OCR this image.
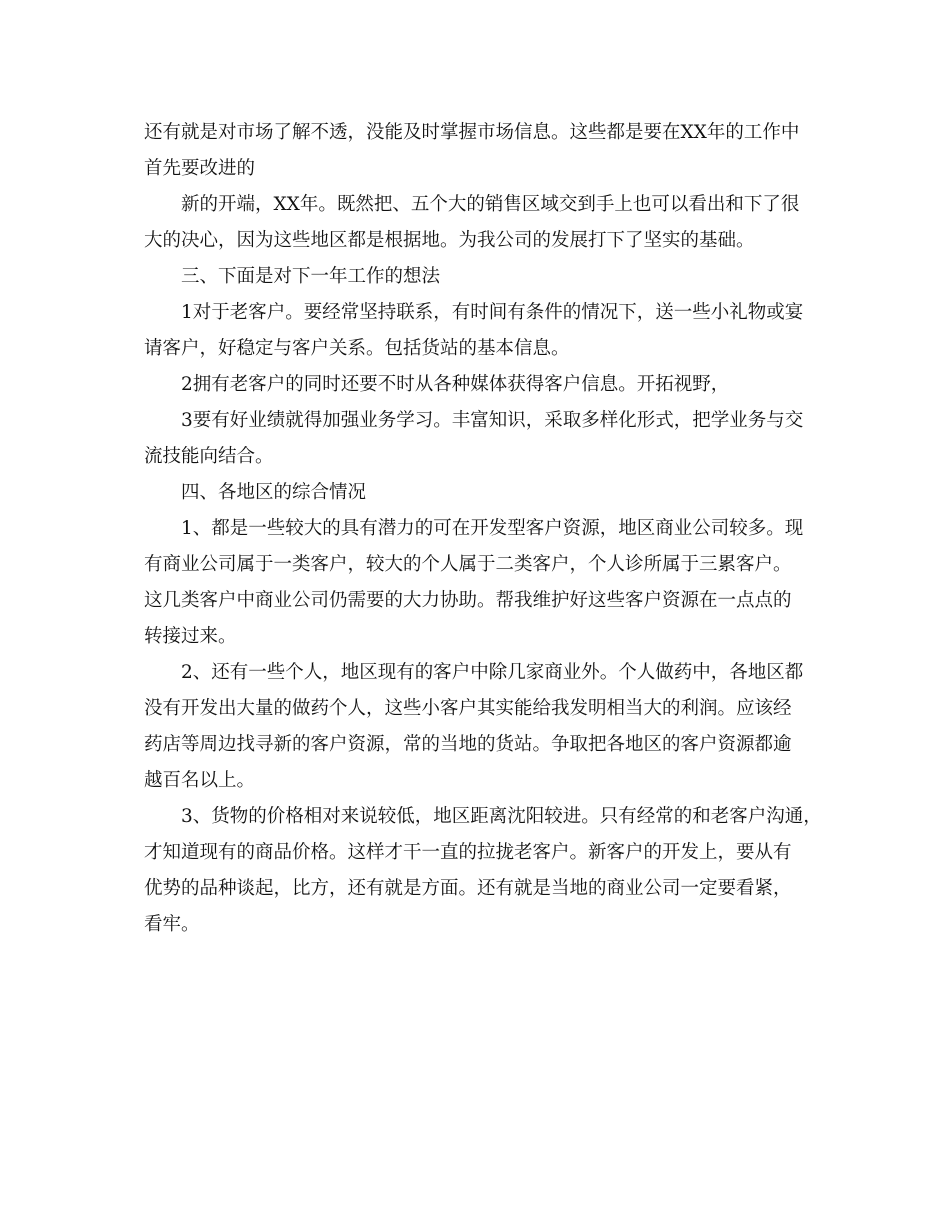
还有就是对市场了解不透，没能及时掌握市场信息。这些都是要在XX年的工作中
首先要改进的
新的开端，XX年。既然把、五个大的销售区域交到手上也可以看出和下了很
大的决心，因为这些地区都是根据地。为我公司的发展打下了坚实的基础。
三、下面是对下一年工作的想法
1对于老客户。要经常坚持联系，有时间有条件的情况下，送一些小礼物或宴
请客户，好稳定与客户关系。包括货站的基本信息。
2拥有老客户的同时还要不时从各种媒体获得客户信息。开拓视野，
3要有好业绩就得加强业务学习。丰富知识，采取多样化形式，把学业务与交
流技能向结合。
四、各地区的综合情况
1、都是一些较大的具有潜力的可在开发型客户资源，地区商业公司较多。现
有商业公司属于一类客户，较大的个人属于二类客户，个人诊所属于三累客户。
这几类客户中商业公司仍需要的大力协助。帮我维护好这些客户资源在一点点的
转接过来。
2、还有一些个人，地区现有的客户中除几家商业外。个人做药中，各地区都
没有开发出大量的做药个人，这些小客户其实能给我发明相当大的利润。应该经
药店等周边找寻新的客户资源，常的当地的货站。争取把各地区的客户资源都逾
越百名以上。
3、货物的价格相对来说较低，地区距离沈阳较进。只有经常的和老客户沟通，
才知道现有的商品价格。这样才干一直的拉拢老客户。新客户的开发上，要从有
优势的品种谈起，比方，还有就是方面。还有就是当地的商业公司一定要看紧，
看牢。
